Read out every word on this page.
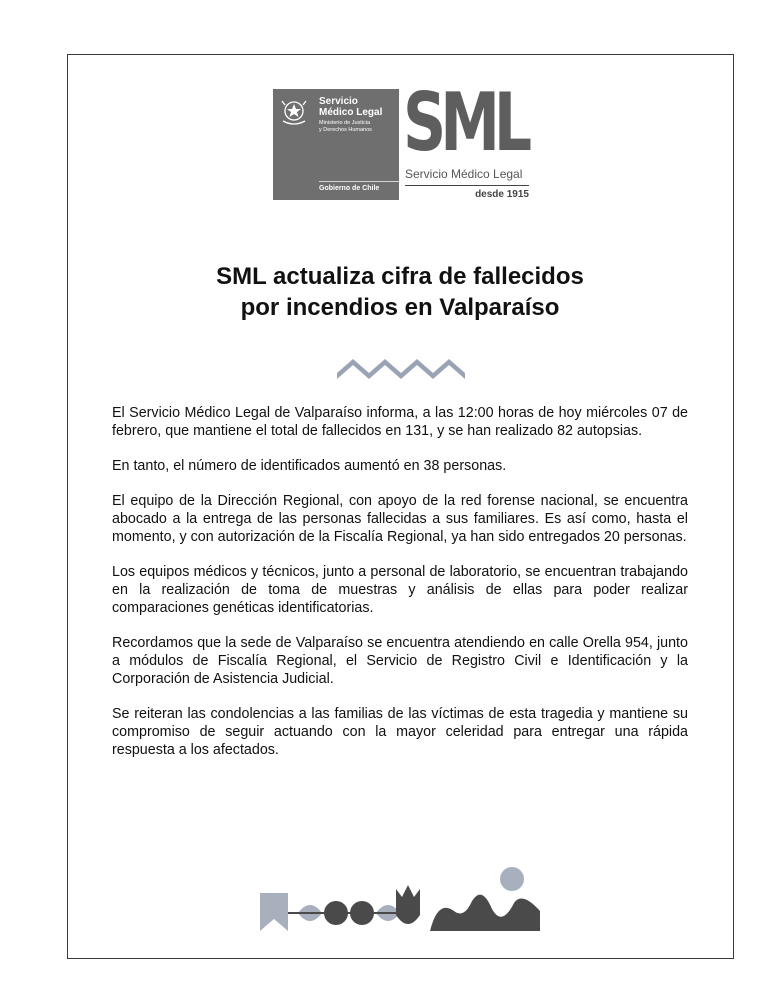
Servicio
Médico Legal
Ministerio de Justicia
y Derechos Humanos
Gobierno de Chile
SML
Servicio Médico Legal
desde 1915
SML actualiza cifra de fallecidos
por incendios en Valparaíso

El Servicio Médico Legal de Valparaíso informa, a las 12:00 horas de hoy miércoles 07 de febrero, que mantiene el total de fallecidos en 131, y se han realizado 82 autopsias.

En tanto, el número de identificados aumentó en 38 personas.

El equipo de la Dirección Regional, con apoyo de la red forense nacional, se encuentra abocado a la entrega de las personas fallecidas a sus familiares. Es así como, hasta el momento, y con autorización de la Fiscalía Regional, ya han sido entregados 20 personas.

Los equipos médicos y técnicos, junto a personal de laboratorio, se encuentran trabajando en la realización de toma de muestras y análisis de ellas para poder realizar comparaciones genéticas identificatorias.

Recordamos que la sede de Valparaíso se encuentra atendiendo en calle Orella 954, junto a módulos de Fiscalía Regional, el Servicio de Registro Civil e Identificación y la Corporación de Asistencia Judicial.

Se reiteran las condolencias a las familias de las víctimas de esta tragedia y mantiene su compromiso de seguir actuando con la mayor celeridad para entregar una rápida respuesta a los afectados.
